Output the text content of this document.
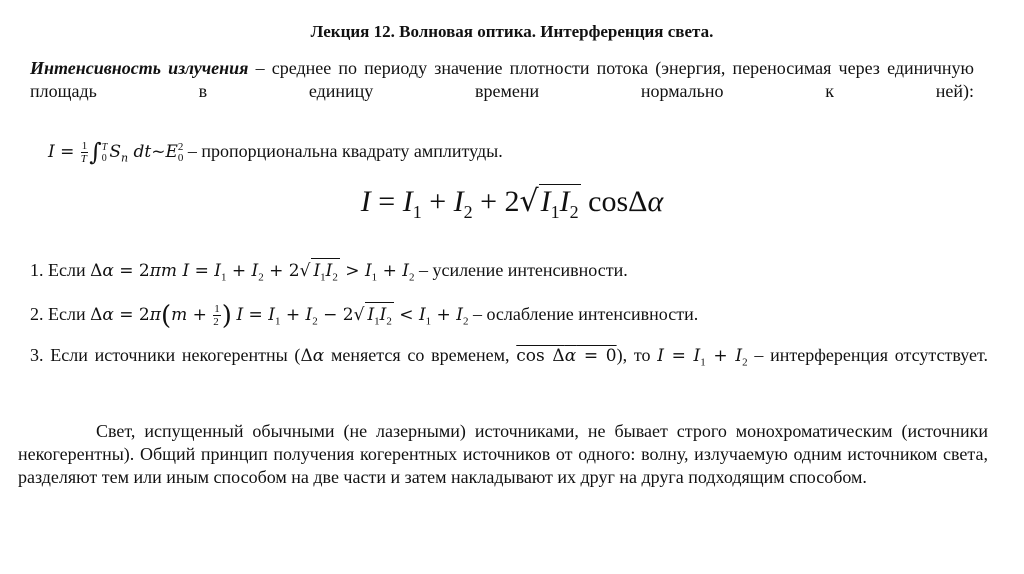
Лекция 12. Волновая оптика. Интерференция света.
Интенсивность излучения – среднее по периоду значение плотности потока (энергия, переносимая через единичную площадь в единицу времени нормально к ней):
$I = \frac{1}{T}$ ∫ T
0 $S_n$ dt~E 2
0 – пропорциональна квадрату амплитуды.
$I = I_1 + I_2 + 2√I_1I_2$ cosΔα
1. Если Δα = 2πm $I = I_1 + I_2 + 2√$ $I_1I_2 > I_1 + I_2$ – усиление интенсивности.
2. Если $\Delta\alpha = 2\pi(m + \frac{1}{2}$ ) $I = I_1 + I_2 - 2√$ $I_1I_2 < I_1 + I_2$ – ослабление интенсивности.
3. Если источники некогерентны (Δα меняется со временем, cos Δα = 0), то $I = I_1 + I_2$ – интерференция отсутствует.
Свет, испущенный обычными (не лазерными) источниками, не бывает строго монохроматическим (источники некогерентны). Общий принцип получения когерентных источников от одного: волну, излучаемую одним источником света, разделяют тем или иным способом на две части и затем накладывают их друг на друга подходящим способом.
